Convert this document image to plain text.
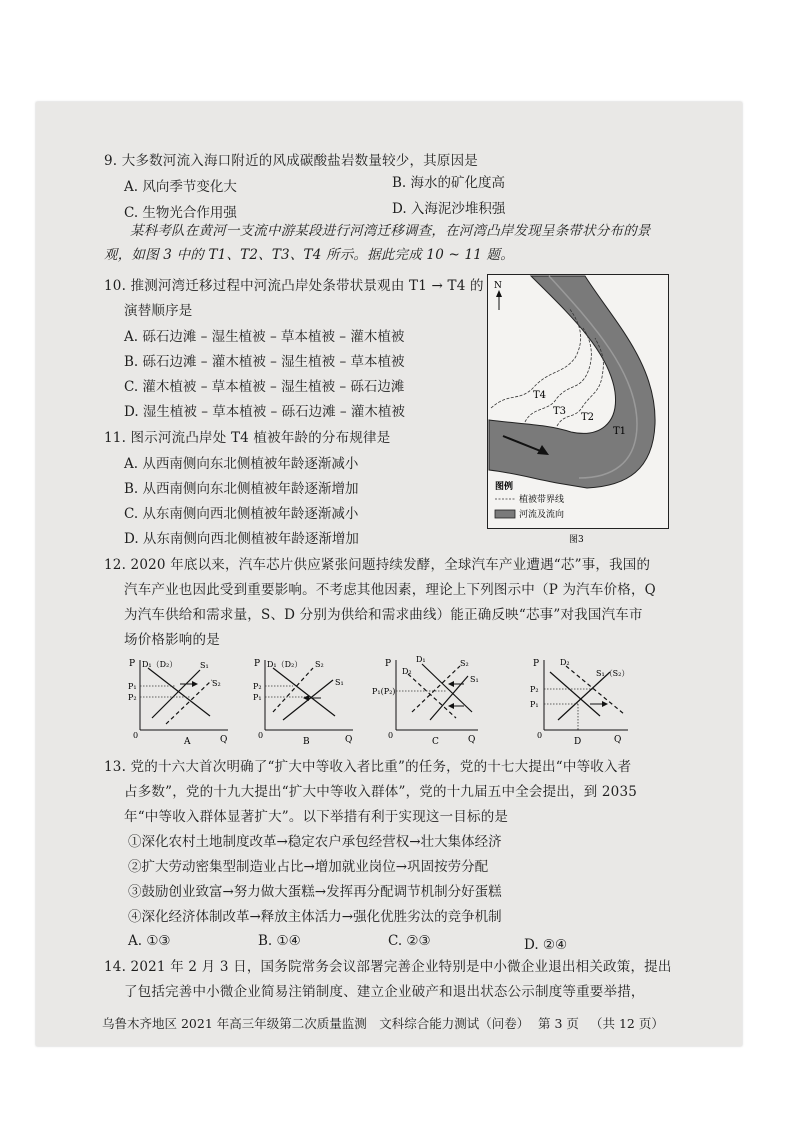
9. 大多数河流入海口附近的风成碳酸盐岩数量较少，其原因是
A. 风向季节变化大	B. 海水的矿化度高
C. 生物光合作用强	D. 入海泥沙堆积强
某科考队在黄河一支流中游某段进行河湾迁移调查，在河湾凸岸发现呈条带状分布的景
观，如图 3 中的 T1、T2、T3、T4 所示。据此完成 10 ~ 11 题。
10. 推测河湾迁移过程中河流凸岸处条带状景观由 T1 → T4 的
演替顺序是
A. 砾石边滩 – 湿生植被 – 草本植被 – 灌木植被
B. 砾石边滩 – 灌木植被 – 湿生植被 – 草本植被
C. 灌木植被 – 草本植被 – 湿生植被 – 砾石边滩
D. 湿生植被 – 草本植被 – 砾石边滩 – 灌木植被
11. 图示河流凸岸处 T4 植被年龄的分布规律是
A. 从西南侧向东北侧植被年龄逐渐减小
B. 从西南侧向东北侧植被年龄逐渐增加
C. 从东南侧向西北侧植被年龄逐渐减小
D. 从东南侧向西北侧植被年龄逐渐增加
N
T4
T3
T2
T1
图例
植被带界线
河流及流向
图3
12. 2020 年底以来，汽车芯片供应紧张问题持续发酵，全球汽车产业遭遇“芯”事，我国的
汽车产业也因此受到重要影响。不考虑其他因素，理论上下列图示中（P 为汽车价格，Q
为汽车供给和需求量，S、D 分别为供给和需求曲线）能正确反映“芯事”对我国汽车市
场价格影响的是
P D₁（D₂）	S₁
S₂
P₁
P₂
0
A	Q
P D₁（D₂） S₂
S₁
P₂
P₁
0
B	Q
P	D₁
D₂
S₂
S₁
P₁(P₂)
0
C	Q
P	D₂
S₁（S₂）
P₂
P₁
0
D	Q
13. 党的十六大首次明确了“扩大中等收入者比重”的任务，党的十七大提出“中等收入者
占多数”，党的十九大提出“扩大中等收入群体”，党的十九届五中全会提出，到 2035
年“中等收入群体显著扩大”。以下举措有利于实现这一目标的是
①深化农村土地制度改革→稳定农户承包经营权→壮大集体经济
②扩大劳动密集型制造业占比→增加就业岗位→巩固按劳分配
③鼓励创业致富→努力做大蛋糕→发挥再分配调节机制分好蛋糕
④深化经济体制改革→释放主体活力→强化优胜劣汰的竞争机制
A. ①③	B. ①④	C. ②③	D. ②④
14. 2021 年 2 月 3 日，国务院常务会议部署完善企业特别是中小微企业退出相关政策，提出
了包括完善中小微企业简易注销制度、建立企业破产和退出状态公示制度等重要举措，
乌鲁木齐地区 2021 年高三年级第二次质量监测　文科综合能力测试（问卷） 第 3 页 （共 12 页）
